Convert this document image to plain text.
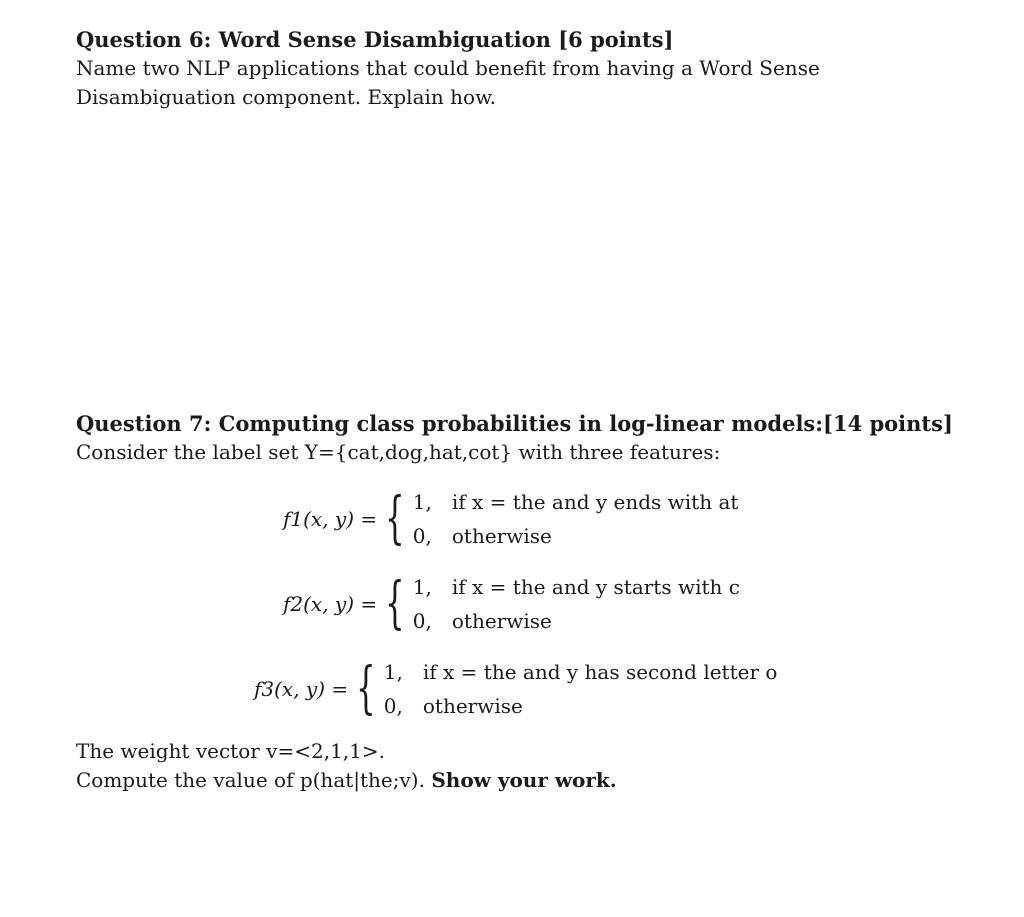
Question 6: Word Sense Disambiguation [6 points]
Name two NLP applications that could benefit from having a Word Sense Disambiguation component. Explain how.
Question 7: Computing class probabilities in log-linear models: [14 points]
Consider the label set Y={cat,dog,hat,cot} with three features:
f1(x, y) = { 1, if x = the and y ends with at
0, otherwise
f2(x, y) = { 1, if x = the and y starts with c
0, otherwise
f3(x, y) = { 1, if x = the and y has second letter o
0, otherwise
The weight vector v=<2,1,1>.
Compute the value of p(hat|the;v). Show your work.
